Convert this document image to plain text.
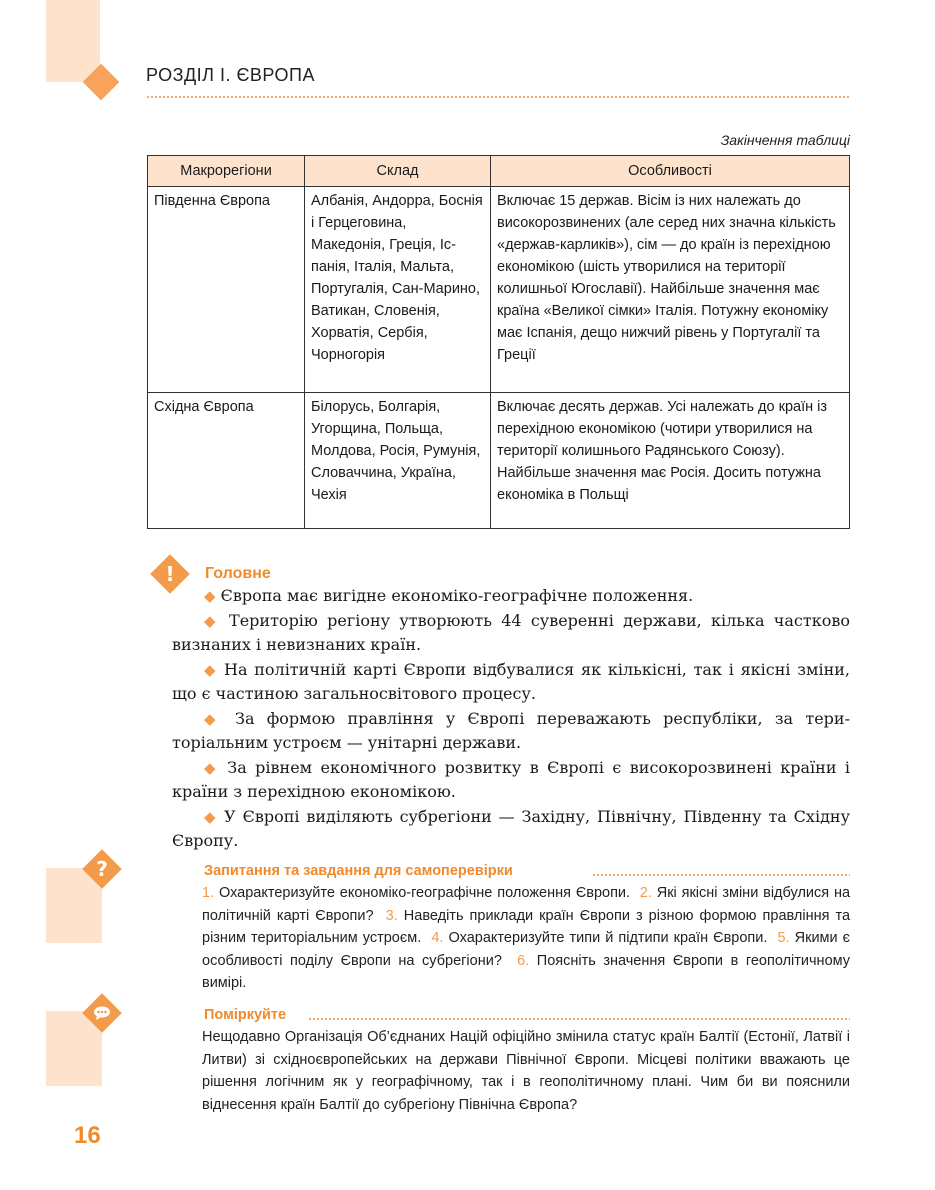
РОЗДІЛ І. ЄВРОПА
Закінчення таблиці
Макрорегіони	Склад	Особливості
Південна Європа	Албанія, Андорра, Боснія і Герцеговина, Македонія, Греція, Іспанія, Італія, Мальта, Португалія, Сан-Марино, Ватикан, Словенія, Хорватія, Сербія, Чорногорія	Включає 15 держав. Вісім із них належать до високорозвинених (але серед них значна кількість «держав-карликів»), сім — до країн із перехідною економікою (шість утворилися на території колишньої Югославії). Найбільше значення має країна «Великої сімки» Італія. Потужну економіку має Іспанія, дещо нижчий рівень у Португалії та Греції
Східна Європа	Білорусь, Болгарія, Угорщина, Польща, Молдова, Росія, Румунія, Словаччина, Україна, Чехія	Включає десять держав. Усі належать до країн із перехідною економікою (чотири утворилися на території колишнього Радянського Союзу). Найбільше значення має Росія. Досить потужна економіка в Польщі
!	Головне

◆ Європа має вигідне економіко-географічне положення.

◆ Територію регіону утворюють 44 суверенні держави, кілька частково визнаних і невизнаних країн.

◆ На політичній карті Європи відбувалися як кількісні, так і якісні зміни, що є частиною загальносвітового процесу.

◆ За формою правління у Європі переважають республіки, за територіальним устроєм — унітарні держави.

◆ За рівнем економічного розвитку в Європі є високорозвинені країни і країни з перехідною економікою.

◆ У Європі виділяють субрегіони — Західну, Північну, Південну та Східну Європу.

?	Запитання та завдання для самоперевірки
1. Охарактеризуйте економіко-географічне положення Європи. 2. Які якісні зміни відбулися на політичній карті Європи? 3. Наведіть приклади країн Європи з різною формою правління та різним територіальним устроєм. 4. Охарактеризуйте типи й підтипи країн Європи. 5. Якими є особливості поділу Європи на субрегіони? 6. Поясніть значення Європи в геополітичному вимірі.
Поміркуйте
Нещодавно Організація Об’єднаних Націй офіційно змінила статус країн Балтії (Естонії, Латвії і Литви) зі східноєвропейських на держави Північної Європи. Місцеві політики вважають це рішення логічним як у географічному, так і в геополітичному плані. Чим би ви пояснили віднесення країн Балтії до субрегіону Північна Європа?
16
